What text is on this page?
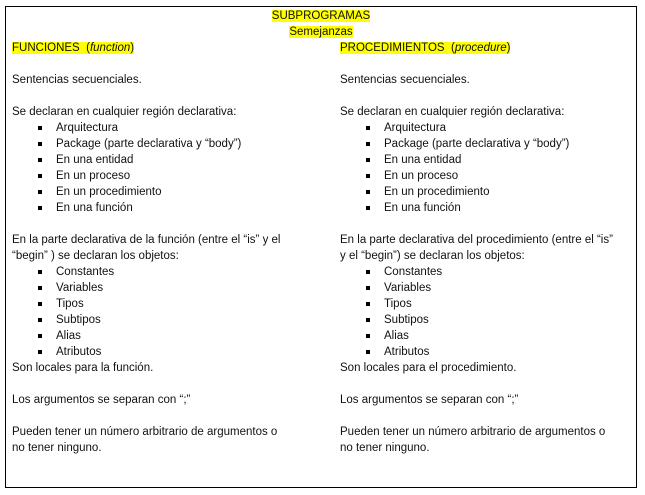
SUBPROGRAMAS
Semejanzas
FUNCIONES  (function)
Sentencias secuenciales.
Se declaran en cualquier región declarativa:
Arquitectura
Package (parte declarativa y “body”)
En una entidad
En un proceso
En un procedimiento
En una función
En la parte declarativa de la función (entre el “is” y el
“begin” ) se declaran los objetos:
Constantes
Variables
Tipos
Subtipos
Alias
Atributos
Son locales para la función.
Los argumentos se separan con “;”
Pueden tener un número arbitrario de argumentos o
no tener ninguno.
PROCEDIMIENTOS  (procedure)
Sentencias secuenciales.
Se declaran en cualquier región declarativa:
Arquitectura
Package (parte declarativa y “body”)
En una entidad
En un proceso
En un procedimiento
En una función
En la parte declarativa del procedimiento (entre el “is”
y el “begin”) se declaran los objetos:
Constantes
Variables
Tipos
Subtipos
Alias
Atributos
Son locales para el procedimiento.
Los argumentos se separan con “;”
Pueden tener un número arbitrario de argumentos o
no tener ninguno.
